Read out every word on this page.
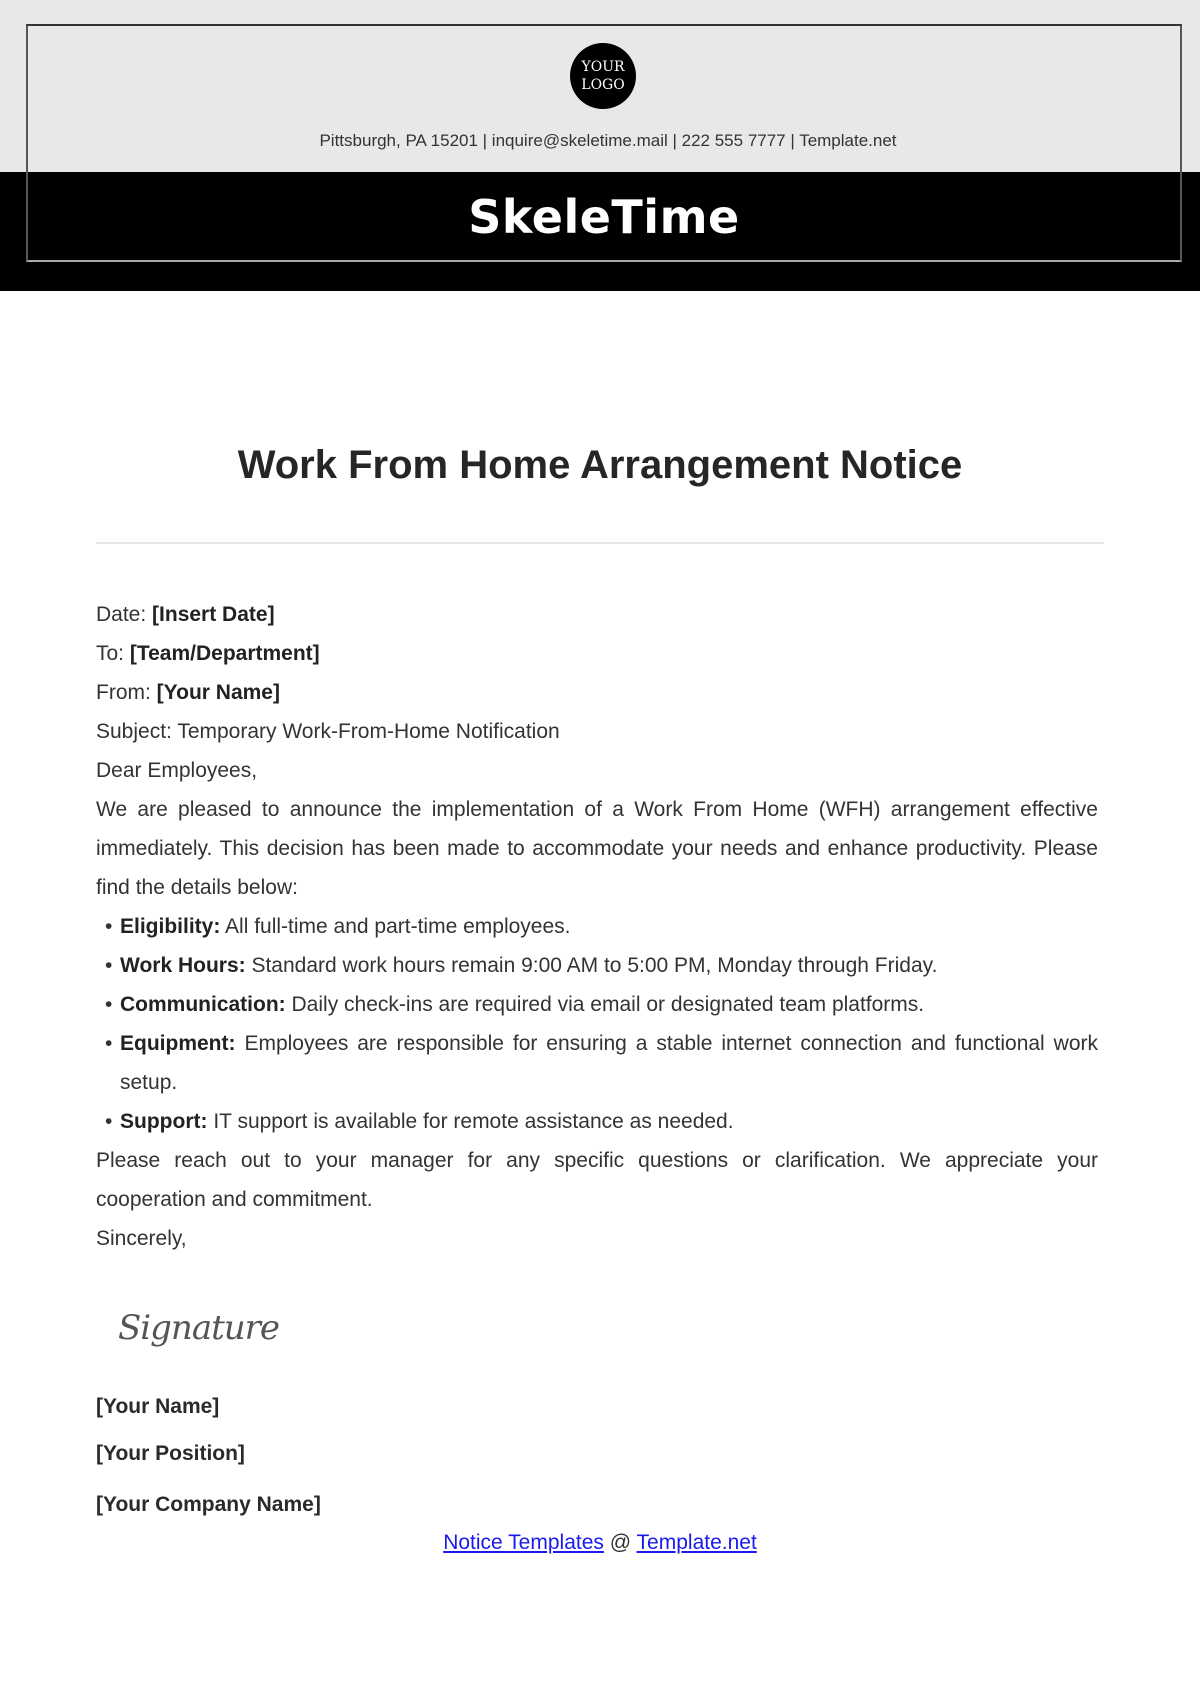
YOUR
LOGO
Pittsburgh, PA 15201 | inquire@skeletime.mail | 222 555 7777 | Template.net
SkeleTime
Work From Home Arrangement Notice

Date: [Insert Date]

To: [Team/Department]

From: [Your Name]

Subject: Temporary Work-From-Home Notification

Dear Employees,

We are pleased to announce the implementation of a Work From Home (WFH) arrangement effective immediately. This decision has been made to accommodate your needs and enhance productivity. Please find the details below:

• Eligibility: All full-time and part-time employees.
• Work Hours: Standard work hours remain 9:00 AM to 5:00 PM, Monday through Friday.
• Communication: Daily check-ins are required via email or designated team platforms.
• Equipment: Employees are responsible for ensuring a stable internet connection and functional work setup.
• Support: IT support is available for remote assistance as needed.

Please reach out to your manager for any specific questions or clarification. We appreciate your cooperation and commitment.

Sincerely,

Signature
[Your Name]
[Your Position]
[Your Company Name]
Notice Templates @ Template.net
